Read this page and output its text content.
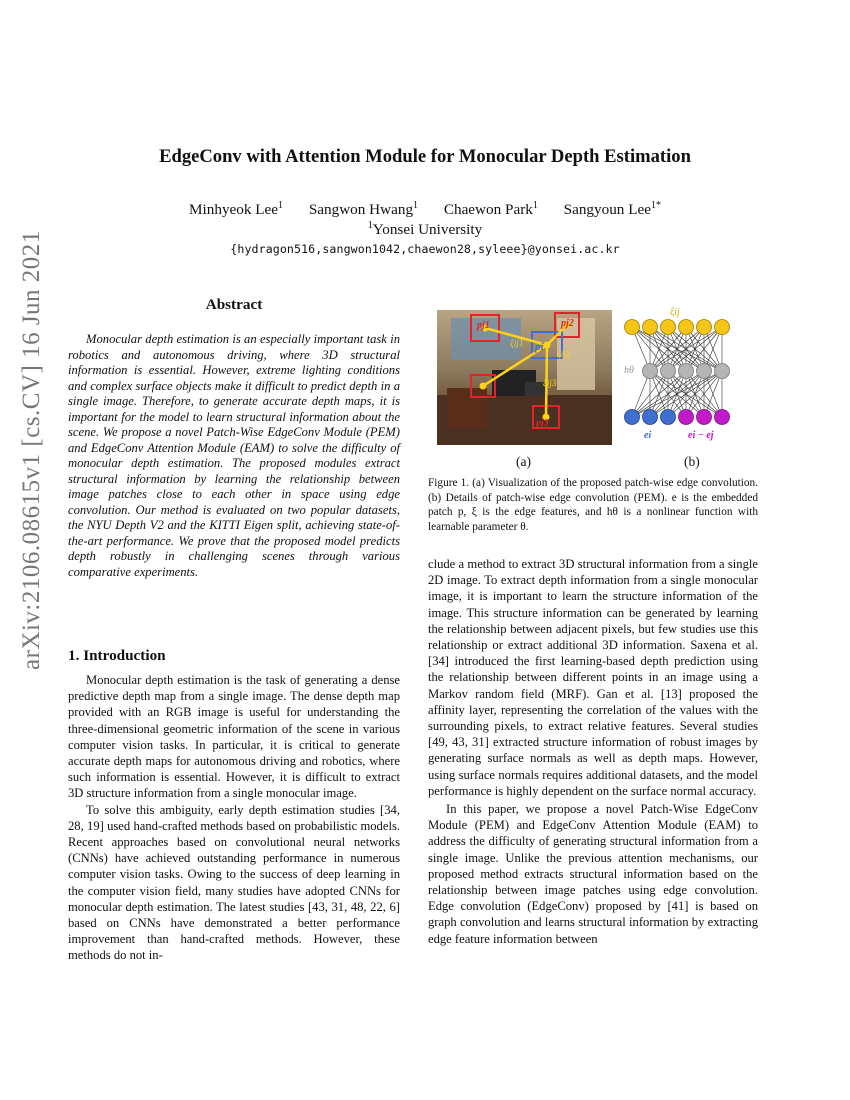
arXiv:2106.08615v1 [cs.CV] 16 Jun 2021
EdgeConv with Attention Module for Monocular Depth Estimation
Minhyeok Lee$^1$ Sangwon Hwang$^1$ Chaewon Park$^1$ Sangyoun Lee$^{1*}$
$^1$Yonsei University
{hydragon516,sangwon1042,chaewon28,syleee}@yonsei.ac.kr
Abstract
Monocular depth estimation is an especially important task in robotics and autonomous driving, where 3D structural information is essential. However, extreme lighting conditions and complex surface objects make it difficult to predict depth in a single image. Therefore, to generate accurate depth maps, it is important for the model to learn structural information about the scene. We propose a novel Patch-Wise EdgeConv Module (PEM) and EdgeConv Attention Module (EAM) to solve the difficulty of monocular depth estimation. The proposed modules extract structural information by learning the relationship between image patches close to each other in space using edge convolution. Our method is evaluated on two popular datasets, the NYU Depth V2 and the KITTI Eigen split, achieving state-of-the-art performance. We prove that the proposed model predicts depth robustly in challenging scenes through various comparative experiments.
1. Introduction

Monocular depth estimation is the task of generating a dense predictive depth map from a single image. The dense depth map provided with an RGB image is useful for understanding the three-dimensional geometric information of the scene in various computer vision tasks. In particular, it is critical to generate accurate depth maps for autonomous driving and robotics, where such information is essential. However, it is difficult to extract 3D structure information from a single monocular image.

To solve this ambiguity, early depth estimation studies [34, 28, 19] used hand-crafted methods based on probabilistic models. Recent approaches based on convolutional neural networks (CNNs) have achieved outstanding performance in numerous computer vision tasks. Owing to the success of deep learning in the computer vision field, many studies have adopted CNNs for monocular depth estimation. The latest studies [43, 31, 48, 22, 6] based on CNNs have demonstrated a better performance improvement than hand-crafted methods. However, these methods do not in-

pj1	pj2
pi
pj3
ξij1
ξij2
ξij3
ξij
hθ
ei	ei − ej
(a)	(b)
Figure 1. (a) Visualization of the proposed patch-wise edge convolution. (b) Details of patch-wise edge convolution (PEM). e is the embedded patch p, ξ is the edge features, and hθ is a nonlinear function with learnable parameter θ.

clude a method to extract 3D structural information from a single 2D image. To extract depth information from a single monocular image, it is important to learn the structure information of the image. This structure information can be generated by learning the relationship between adjacent pixels, but few studies use this relationship or extract additional 3D information. Saxena et al. [34] introduced the first learning-based depth prediction using the relationship between different points in an image using a Markov random field (MRF). Gan et al. [13] proposed the affinity layer, representing the correlation of the values with the surrounding pixels, to extract relative features. Several studies [49, 43, 31] extracted structure information of robust images by generating surface normals as well as depth maps. However, using surface normals requires additional datasets, and the model performance is highly dependent on the surface normal accuracy.

In this paper, we propose a novel Patch-Wise EdgeConv Module (PEM) and EdgeConv Attention Module (EAM) to address the difficulty of generating structural information from a single image. Unlike the previous attention mechanisms, our proposed method extracts structural information based on the relationship between image patches using edge convolution. Edge convolution (EdgeConv) proposed by [41] is based on graph convolution and learns structural information by extracting edge feature information between
